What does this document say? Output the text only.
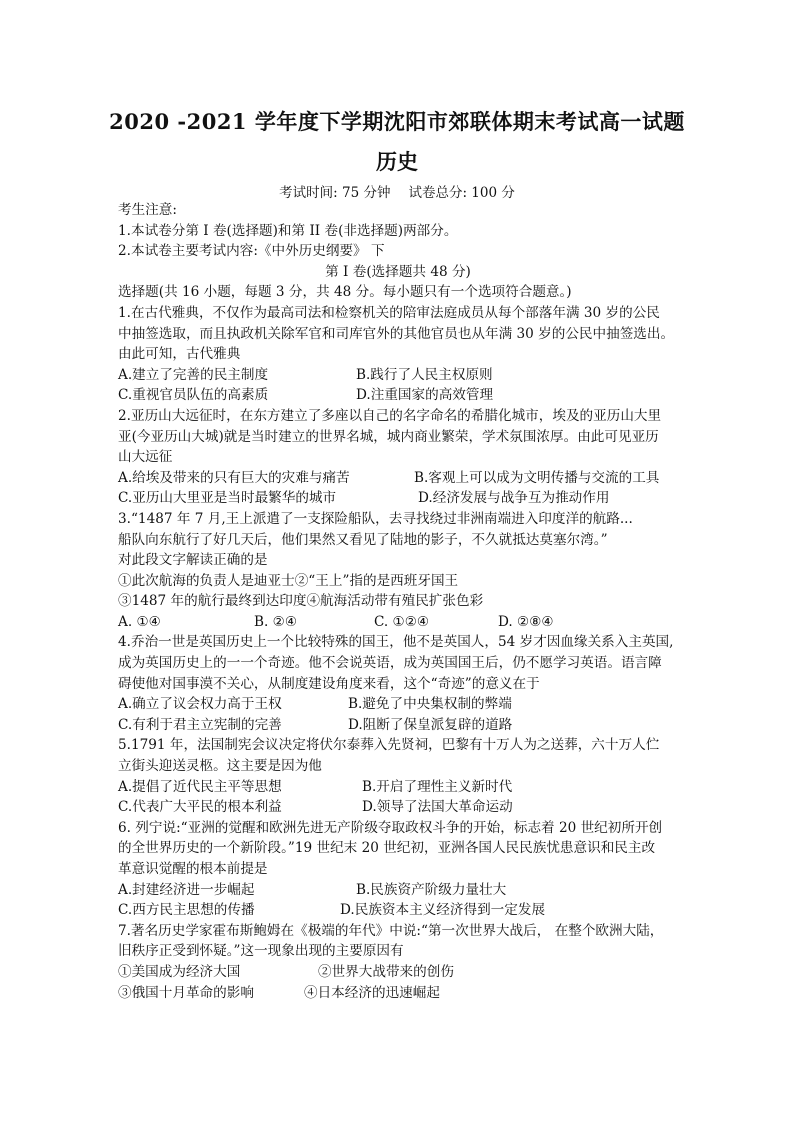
2020 -2021 学年度下学期沈阳市郊联体期末考试高一试题
历史
考试时间: 75 分钟 试卷总分: 100 分
考生注意:
1.本试卷分第 I 卷(选择题)和第 II 卷(非选择题)两部分。
2.本试卷主要考试内容:《中外历史纲要》 下
第 I 卷(选择题共 48 分)
选择题(共 16 小题，每题 3 分，共 48 分。每小题只有一个选项符合题意。)
1.在古代雅典，不仅作为最高司法和检察机关的陪审法庭成员从每个部落年满 30 岁的公民
中抽签选取，而且执政机关除军官和司库官外的其他官员也从年满 30 岁的公民中抽签选出。
由此可知，古代雅典
A.建立了完善的民主制度	B.践行了人民主权原则
C.重视官员队伍的高素质	D.注重国家的高效管理
2.亚历山大远征时，在东方建立了多座以自己的名字命名的希腊化城市，埃及的亚历山大里
亚(今亚历山大城)就是当时建立的世界名城，城内商业繁荣，学术氛围浓厚。由此可见亚历
山大远征
A.给埃及带来的只有巨大的灾难与痛苦	B.客观上可以成为文明传播与交流的工具
C.亚历山大里亚是当时最繁华的城市	D.经济发展与战争互为推动作用
3.“1487 年 7 月,王上派遣了一支探险船队，去寻找绕过非洲南端进入印度洋的航路...
船队向东航行了好几天后，他们果然又看见了陆地的影子，不久就抵达莫塞尔湾。”
对此段文字解读正确的是
①此次航海的负责人是迪亚士②“王上”指的是西班牙国王
③1487 年的航行最终到达印度④航海活动带有殖民扩张色彩
A. ①④	B. ②④	C. ①②④	D. ②⑧④
4.乔治一世是英国历史上一个比较特殊的国王，他不是英国人，54 岁才因血缘关系入主英国,
成为英国历史上的一一个奇迹。他不会说英语，成为英国国王后，仍不愿学习英语。语言障
碍使他对国事漠不关心，从制度建设角度来看，这个“奇迹”的意义在于
A.确立了议会权力高于王权	B.避免了中央集权制的弊端
C.有利于君主立宪制的完善	D.阻断了保皇派复辟的道路
5.1791 年，法国制宪会议决定将伏尔泰葬入先贤祠，巴黎有十万人为之送葬，六十万人伫
立街头迎送灵柩。这主要是因为他
A.提倡了近代民主平等思想	B.开启了理性主义新时代
C.代表广大平民的根本利益	D.领导了法国大革命运动
6. 列宁说:“亚洲的觉醒和欧洲先进无产阶级夺取政权斗争的开始，标志着 20 世纪初所开创
的全世界历史的一个新阶段。”19 世纪末 20 世纪初，亚洲各国人民民族忧患意识和民主改
革意识觉醒的根本前提是
A.封建经济进一步崛起	B.民族资产阶级力量壮大
C.西方民主思想的传播	D.民族资本主义经济得到一定发展
7.著名历史学家霍布斯鲍姆在《极端的年代》中说:“第一次世界大战后， 在整个欧洲大陆，
旧秩序正受到怀疑。”这一现象出现的主要原因有
①美国成为经济大国	②世界大战带来的创伤
③俄国十月革命的影响	④日本经济的迅速崛起
